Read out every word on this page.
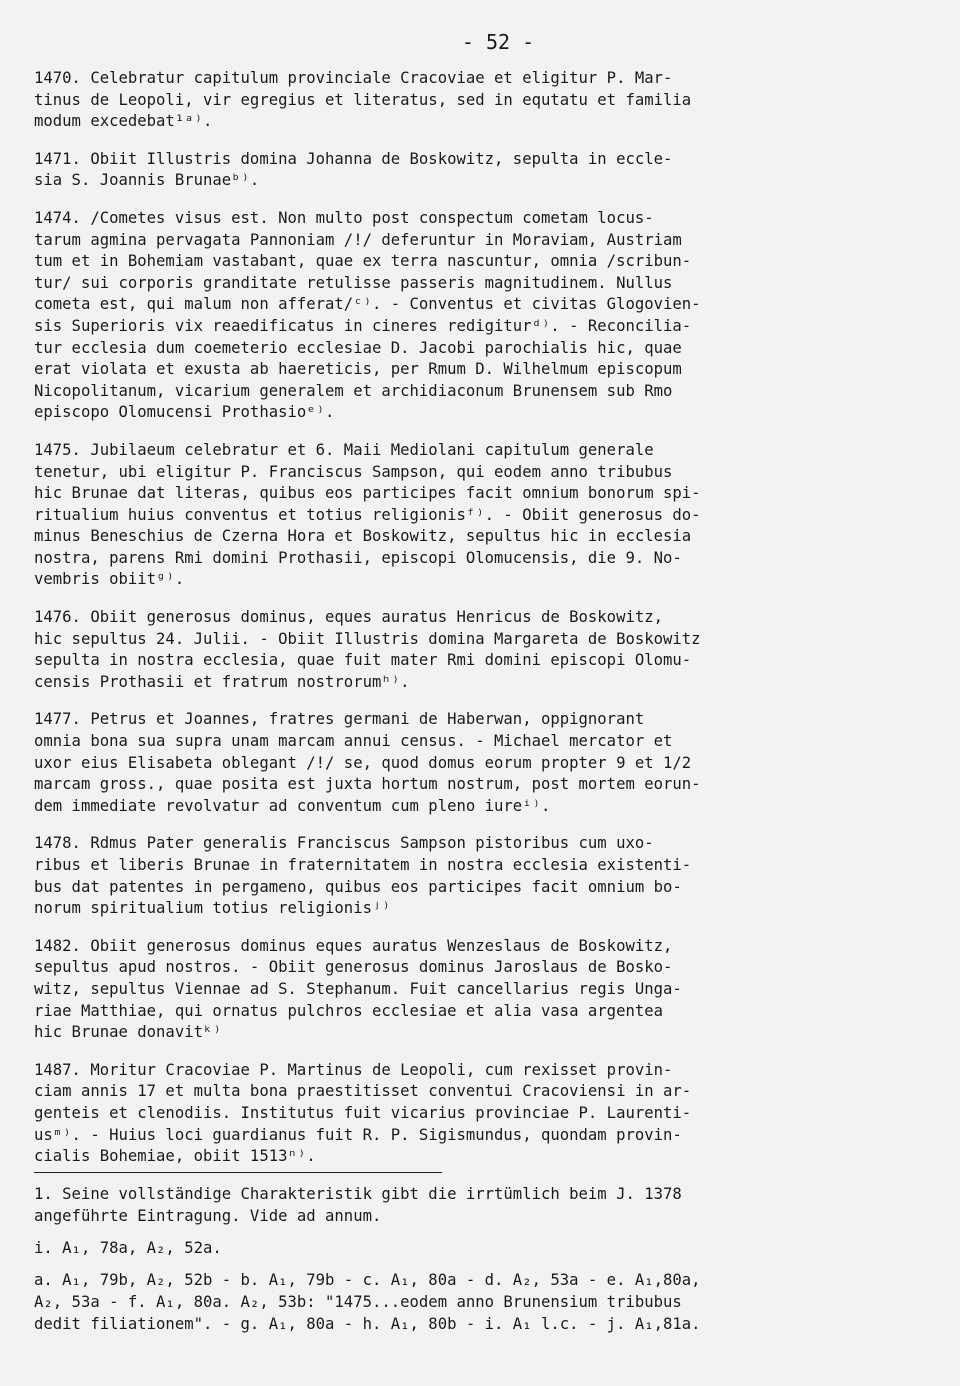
- 52 -
1470. Celebratur capitulum provinciale Cracoviae et eligitur P. Mar-
tinus de Leopoli, vir egregius et literatus, sed in equtatu et familia
modum excedebat¹ᵃ⁾.
1471. Obiit Illustris domina Johanna de Boskowitz, sepulta in eccle-
sia S. Joannis Brunaeᵇ⁾.
1474. /Cometes visus est. Non multo post conspectum cometam locus-
tarum agmina pervagata Pannoniam /!/ deferuntur in Moraviam, Austriam
tum et in Bohemiam vastabant, quae ex terra nascuntur, omnia /scribun-
tur/ sui corporis granditate retulisse passeris magnitudinem. Nullus
cometa est, qui malum non afferat/ᶜ⁾. - Conventus et civitas Glogovien-
sis Superioris vix reaedificatus in cineres redigiturᵈ⁾. - Reconcilia-
tur ecclesia dum coemeterio ecclesiae D. Jacobi parochialis hic, quae
erat violata et exusta ab haereticis, per Rmum D. Wilhelmum episcopum
Nicopolitanum, vicarium generalem et archidiaconum Brunensem sub Rmo
episcopo Olomucensi Prothasioᵉ⁾.
1475. Jubilaeum celebratur et 6. Maii Mediolani capitulum generale
tenetur, ubi eligitur P. Franciscus Sampson, qui eodem anno tribubus
hic Brunae dat literas, quibus eos participes facit omnium bonorum spi-
ritualium huius conventus et totius religionisᶠ⁾. - Obiit generosus do-
minus Beneschius de Czerna Hora et Boskowitz, sepultus hic in ecclesia
nostra, parens Rmi domini Prothasii, episcopi Olomucensis, die 9. No-
vembris obiitᵍ⁾.
1476. Obiit generosus dominus, eques auratus Henricus de Boskowitz,
hic sepultus 24. Julii. - Obiit Illustris domina Margareta de Boskowitz
sepulta in nostra ecclesia, quae fuit mater Rmi domini episcopi Olomu-
censis Prothasii et fratrum nostrorumʰ⁾.
1477. Petrus et Joannes, fratres germani de Haberwan, oppignorant
omnia bona sua supra unam marcam annui census. - Michael mercator et
uxor eius Elisabeta oblegant /!/ se, quod domus eorum propter 9 et 1/2
marcam gross., quae posita est juxta hortum nostrum, post mortem eorun-
dem immediate revolvatur ad conventum cum pleno iureⁱ⁾.
1478. Rdmus Pater generalis Franciscus Sampson pistoribus cum uxo-
ribus et liberis Brunae in fraternitatem in nostra ecclesia existenti-
bus dat patentes in pergameno, quibus eos participes facit omnium bo-
norum spiritualium totius religionisʲ⁾
1482. Obiit generosus dominus eques auratus Wenzeslaus de Boskowitz,
sepultus apud nostros. - Obiit generosus dominus Jaroslaus de Bosko-
witz, sepultus Viennae ad S. Stephanum. Fuit cancellarius regis Unga-
riae Matthiae, qui ornatus pulchros ecclesiae et alia vasa argentea
hic Brunae donavitᵏ⁾
1487. Moritur Cracoviae P. Martinus de Leopoli, cum rexisset provin-
ciam annis 17 et multa bona praestitisset conventui Cracoviensi in ar-
genteis et clenodiis. Institutus fuit vicarius provinciae P. Laurenti-
usᵐ⁾. - Huius loci guardianus fuit R. P. Sigismundus, quondam provin-
cialis Bohemiae, obiit 1513ⁿ⁾.
1. Seine vollständige Charakteristik gibt die irrtümlich beim J. 1378
angeführte Eintragung. Vide ad annum.
i. A₁, 78a, A₂, 52a.
a. A₁, 79b, A₂, 52b - b. A₁, 79b - c. A₁, 80a - d. A₂, 53a - e. A₁,80a,
A₂, 53a - f. A₁, 80a. A₂, 53b: "1475...eodem anno Brunensium tribubus
dedit filiationem". - g. A₁, 80a - h. A₁, 80b - i. A₁ l.c. - j. A₁,81a.
